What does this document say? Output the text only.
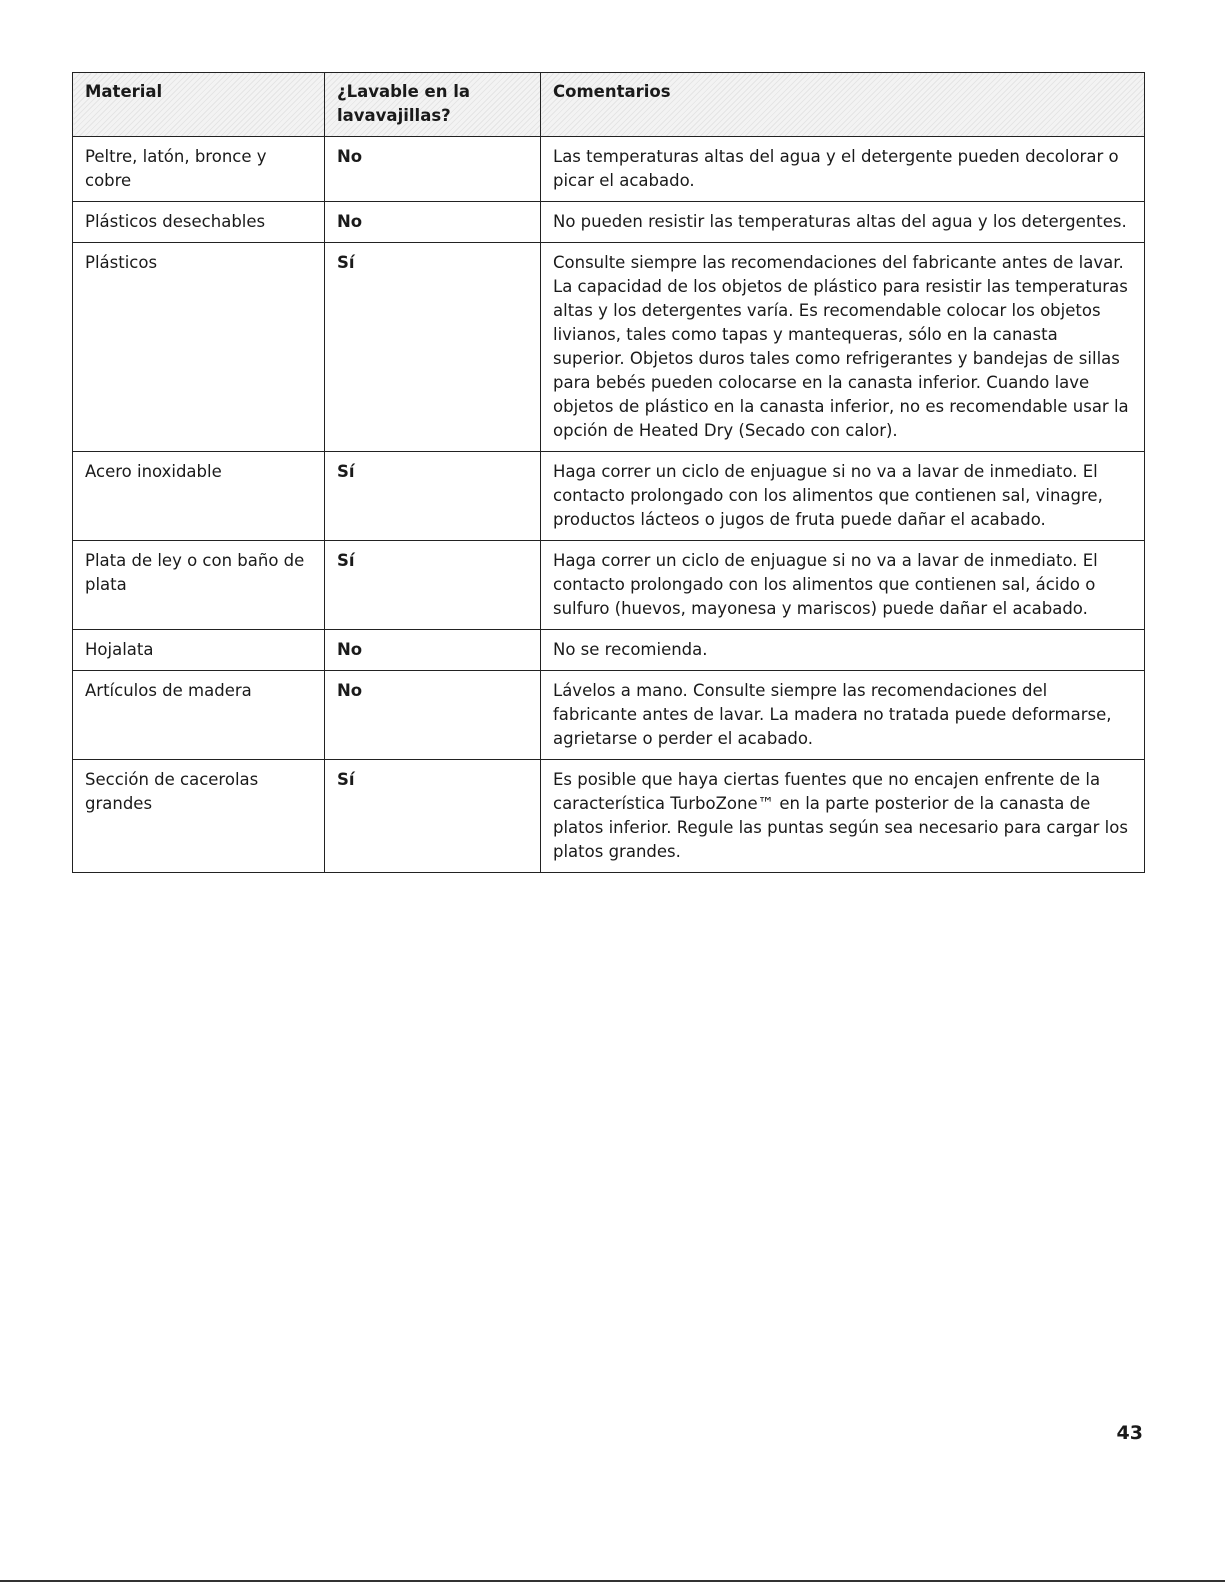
Material	¿Lavable en la lavavajillas?	Comentarios
Peltre, latón, bronce y cobre	No	Las temperaturas altas del agua y el detergente pueden decolorar o picar el acabado.
Plásticos desechables	No	No pueden resistir las temperaturas altas del agua y los detergentes.
Plásticos	Sí	Consulte siempre las recomendaciones del fabricante antes de lavar. La capacidad de los objetos de plástico para resistir las temperaturas altas y los detergentes varía. Es recomendable colocar los objetos livianos, tales como tapas y mantequeras, sólo en la canasta superior. Objetos duros tales como refrigerantes y bandejas de sillas para bebés pueden colocarse en la canasta inferior. Cuando lave objetos de plástico en la canasta inferior, no es recomendable usar la opción de Heated Dry (Secado con calor).
Acero inoxidable	Sí	Haga correr un ciclo de enjuague si no va a lavar de inmediato. El contacto prolongado con los alimentos que contienen sal, vinagre, productos lácteos o jugos de fruta puede dañar el acabado.
Plata de ley o con baño de plata	Sí	Haga correr un ciclo de enjuague si no va a lavar de inmediato. El contacto prolongado con los alimentos que contienen sal, ácido o sulfuro (huevos, mayonesa y mariscos) puede dañar el acabado.
Hojalata	No	No se recomienda.
Artículos de madera	No	Lávelos a mano. Consulte siempre las recomendaciones del fabricante antes de lavar. La madera no tratada puede deformarse, agrietarse o perder el acabado.
Sección de cacerolas grandes	Sí	Es posible que haya ciertas fuentes que no encajen enfrente de la característica TurboZone™ en la parte posterior de la canasta de platos inferior. Regule las puntas según sea necesario para cargar los platos grandes.
43
